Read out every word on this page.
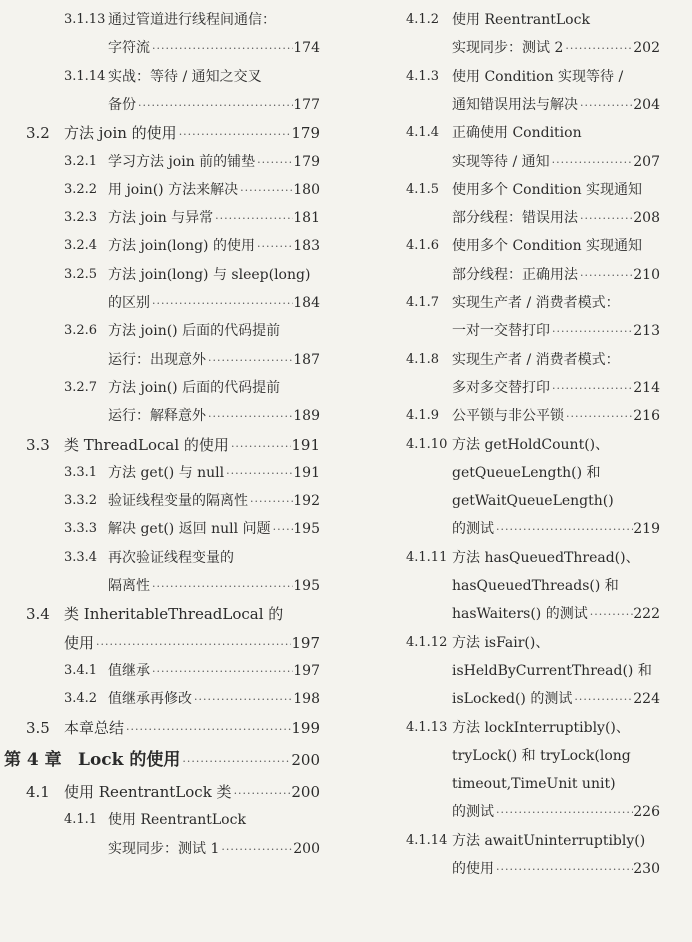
3.1.13 通过管道进行线程间通信：
字符流 ·····	174
3.1.14 实战：等待 / 通知之交叉
备份 ·····	177
3.2 方法 join 的使用 ·····	179
3.2.1 学习方法 join 前的铺垫 ·····	179
3.2.2 用 join() 方法来解决 ·····	180
3.2.3 方法 join 与异常 ·····	181
3.2.4 方法 join(long) 的使用 ·····	183
3.2.5 方法 join(long) 与 sleep(long)
的区别 ·····	184
3.2.6 方法 join() 后面的代码提前
运行：出现意外 ·····	187
3.2.7 方法 join() 后面的代码提前
运行：解释意外 ·····	189
3.3 类 ThreadLocal 的使用 ·····	191
3.3.1 方法 get() 与 null ·····	191
3.3.2 验证线程变量的隔离性 ·····	192
3.3.3 解决 get() 返回 null 问题 ····· 195
3.3.4 再次验证线程变量的
隔离性 ·····	195
3.4 类 InheritableThreadLocal 的
使用 ·····	197
3.4.1 值继承 ·····	197
3.4.2 值继承再修改 ·····	198
3.5 本章总结 ·····	199
第 4 章 Lock 的使用 ·····	200
4.1 使用 ReentrantLock 类 ·····	200
4.1.1 使用 ReentrantLock
实现同步：测试 1 ·····	200
4.1.2 使用 ReentrantLock
实现同步：测试 2 ·····	202
4.1.3 使用 Condition 实现等待 /
通知错误用法与解决 ·····	204
4.1.4 正确使用 Condition
实现等待 / 通知 ·····	207
4.1.5 使用多个 Condition 实现通知
部分线程：错误用法 ·····	208
4.1.6 使用多个 Condition 实现通知
部分线程：正确用法 ·····	210
4.1.7 实现生产者 / 消费者模式：
一对一交替打印 ·····	213
4.1.8 实现生产者 / 消费者模式：
多对多交替打印 ·····	214
4.1.9 公平锁与非公平锁 ·····	216
4.1.10 方法 getHoldCount()、
getQueueLength() 和
getWaitQueueLength()
的测试 ·····	219
4.1.11 方法 hasQueuedThread()、
hasQueuedThreads() 和
hasWaiters() 的测试 ·····	222
4.1.12 方法 isFair()、
isHeldByCurrentThread() 和
isLocked() 的测试 ·····	224
4.1.13 方法 lockInterruptibly()、
tryLock() 和 tryLock(long
timeout,TimeUnit unit)
的测试 ·····	226
4.1.14 方法 awaitUninterruptibly()
的使用 ·····	230
